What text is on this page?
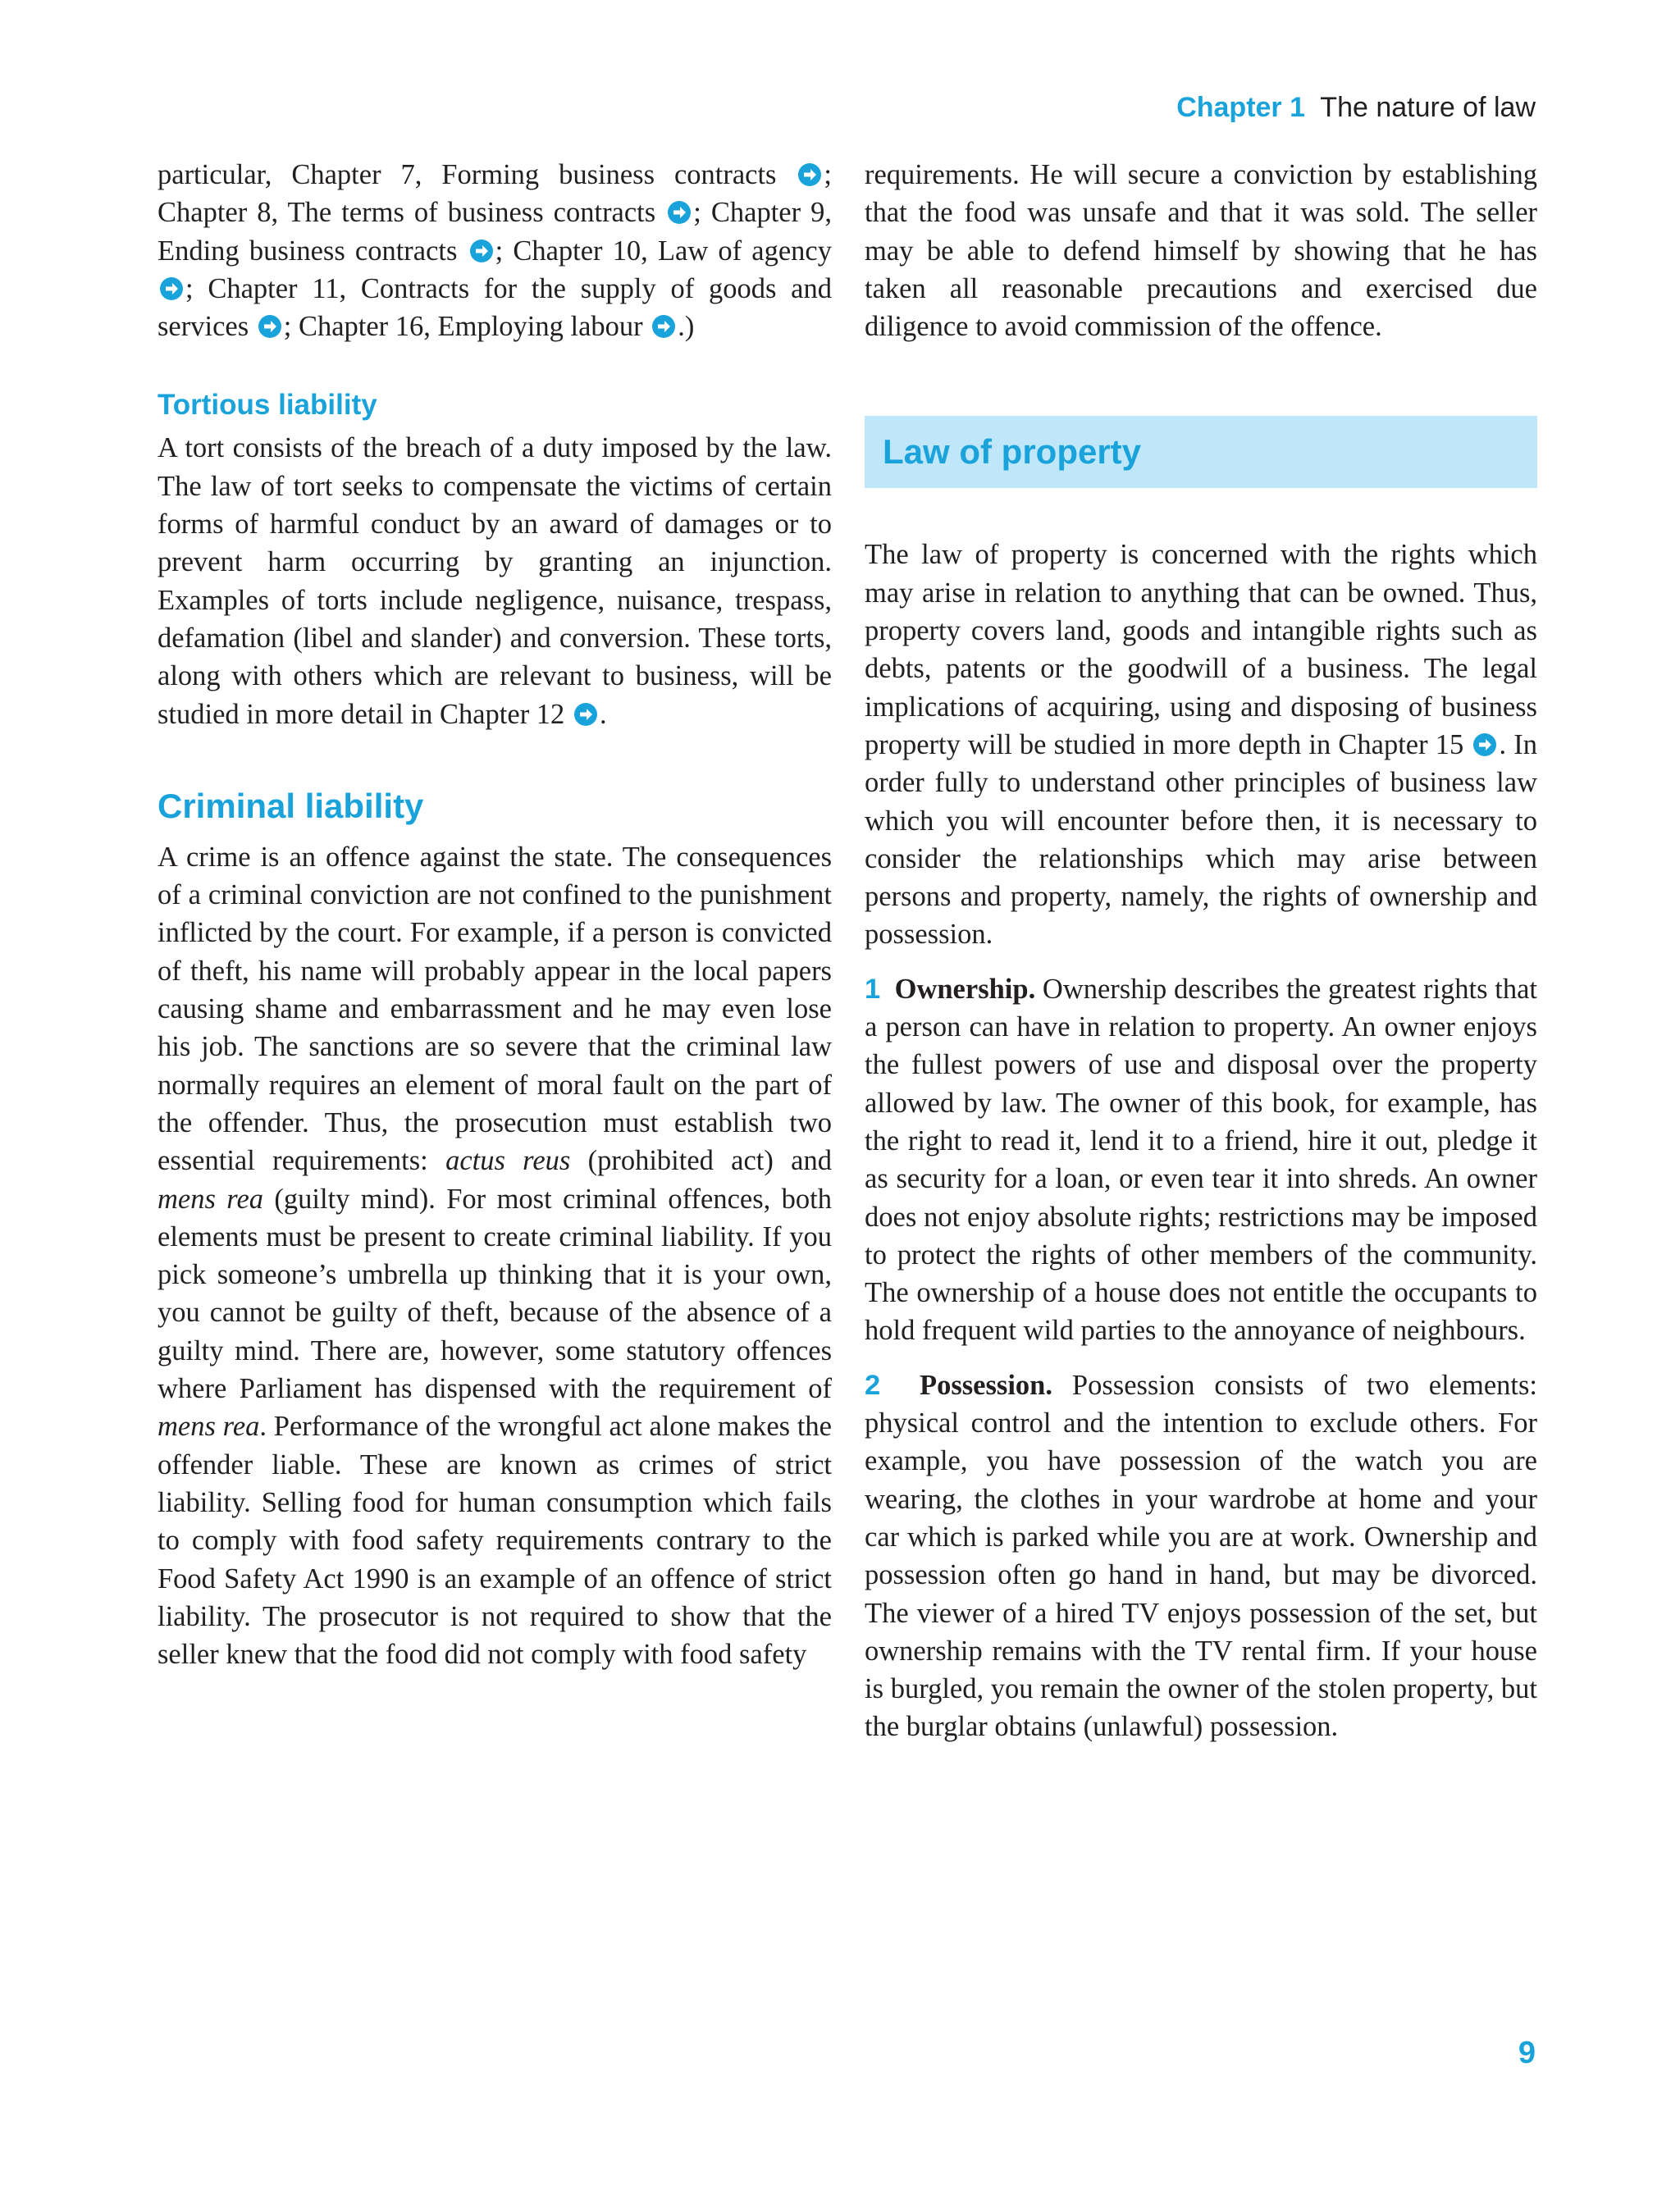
Chapter 1 The nature of law

particular, Chapter 7, Forming business contracts ; Chapter 8, The terms of business contracts ; Chapter 9, Ending business contracts ; Chapter 10, Law of agency ; Chapter 11, Contracts for the supply of goods and services ; Chapter 16, Employing labour .)

Tortious liability

A tort consists of the breach of a duty imposed by the law. The law of tort seeks to compensate the victims of certain forms of harmful conduct by an award of damages or to prevent harm occurring by granting an injunction. Examples of torts include negligence, nuisance, trespass, defamation (libel and slander) and conversion. These torts, along with others which are relevant to business, will be studied in more detail in Chapter 12 .

Criminal liability

A crime is an offence against the state. The consequences of a criminal conviction are not confined to the punishment inflicted by the court. For example, if a person is convicted of theft, his name will probably appear in the local papers causing shame and embarrassment and he may even lose his job. The sanctions are so severe that the criminal law normally requires an element of moral fault on the part of the offender. Thus, the prosecution must establish two essential requirements: actus reus (prohibited act) and mens rea (guilty mind). For most criminal offences, both elements must be present to create criminal liability. If you pick someone’s umbrella up thinking that it is your own, you cannot be guilty of theft, because of the absence of a guilty mind. There are, however, some statutory offences where Parliament has dispensed with the requirement of mens rea. Performance of the wrongful act alone makes the offender liable. These are known as crimes of strict liability. Selling food for human consumption which fails to comply with food safety requirements contrary to the Food Safety Act 1990 is an example of an offence of strict liability. The prosecutor is not required to show that the seller knew that the food did not comply with food safety

requirements. He will secure a conviction by establishing that the food was unsafe and that it was sold. The seller may be able to defend himself by showing that he has taken all reasonable precautions and exercised due diligence to avoid commission of the offence.

Law of property

The law of property is concerned with the rights which may arise in relation to anything that can be owned. Thus, property covers land, goods and intangible rights such as debts, patents or the goodwill of a business. The legal implications of acquiring, using and disposing of business property will be studied in more depth in Chapter 15 . In order fully to understand other principles of business law which you will encounter before then, it is necessary to consider the relationships which may arise between persons and property, namely, the rights of ownership and possession.

1 Ownership. Ownership describes the greatest rights that a person can have in relation to property. An owner enjoys the fullest powers of use and disposal over the property allowed by law. The owner of this book, for example, has the right to read it, lend it to a friend, hire it out, pledge it as security for a loan, or even tear it into shreds. An owner does not enjoy absolute rights; restrictions may be imposed to protect the rights of other members of the community. The ownership of a house does not entitle the occupants to hold frequent wild parties to the annoyance of neighbours.

2 Possession. Possession consists of two elements: physical control and the intention to exclude others. For example, you have possession of the watch you are wearing, the clothes in your wardrobe at home and your car which is parked while you are at work. Ownership and possession often go hand in hand, but may be divorced. The viewer of a hired TV enjoys possession of the set, but ownership remains with the TV rental firm. If your house is burgled, you remain the owner of the stolen property, but the burglar obtains (unlawful) possession.

9
